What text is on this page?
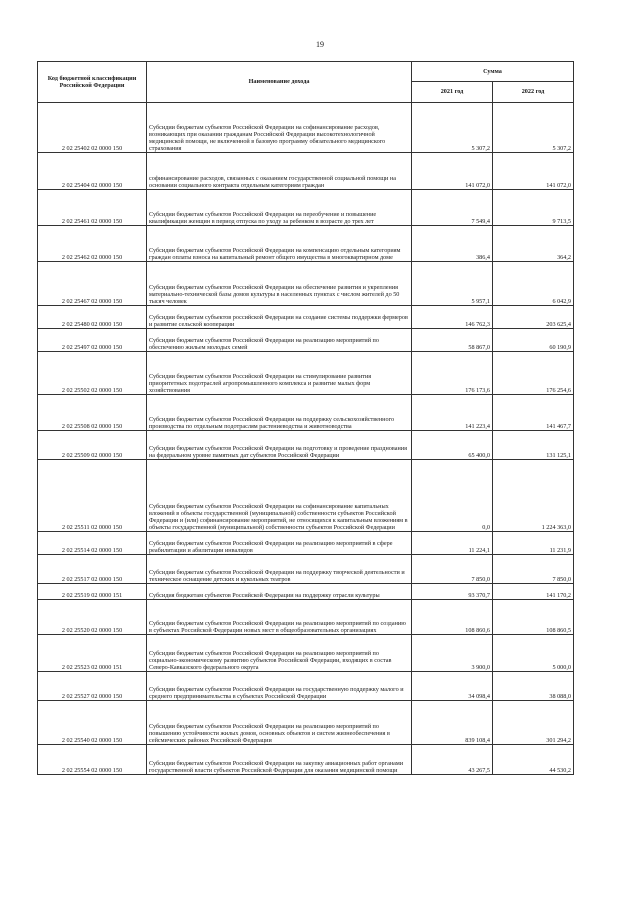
19
Код бюджетной классификации Российской Федерации	Наименование дохода	Сумма	
		2021 год	2022 год
2 02 25402 02 0000 150	Субсидии бюджетам субъектов Российской Федерации на софинансирование расходов, возникающих при оказании гражданам Российской Федерации высокотехнологичной медицинской помощи, не включенной в базовую программу обязательного медицинского страхования	5 307,2	5 307,2
2 02 25404 02 0000 150	софинансирование расходов, связанных с оказанием государственной социальной помощи на основании социального контракта отдельным категориям граждан	141 072,0	141 072,0
2 02 25461 02 0000 150	Субсидии бюджетам субъектов Российской Федерации на переобучение и повышение квалификации женщин в период отпуска по уходу за ребенком в возрасте до трех лет	7 549,4	9 713,5
2 02 25462 02 0000 150	Субсидии бюджетам субъектов Российской Федерации на компенсацию отдельным категориям граждан оплаты взноса на капитальный ремонт общего имущества в многоквартирном доме	386,4	364,2
2 02 25467 02 0000 150	Субсидии бюджетам субъектов Российской Федерации на обеспечение развития и укрепления материально-технической базы домов культуры в населенных пунктах с числом жителей до 50 тысяч человек	5 957,1	6 042,9
2 02 25480 02 0000 150	Субсидии бюджетам субъектов российской Федерации на создание системы поддержки фермеров и развитие сельской кооперации	146 762,3	203 625,4
2 02 25497 02 0000 150	Субсидии бюджетам субъектов Российской Федерации на реализацию мероприятий по обеспечению жильем молодых семей	58 867,0	60 190,9
2 02 25502 02 0000 150	Субсидии бюджетам субъектов Российской Федерации на стимулирование развития приоритетных подотраслей агропромышленного комплекса и развитие малых форм хозяйствования	176 173,6	176 254,6
2 02 25508 02 0000 150	Субсидии бюджетам субъектов Российской Федерации на поддержку сельскохозяйственного производства по отдельным подотраслям растениеводства и животноводства	141 223,4	141 467,7
2 02 25509 02 0000 150	Субсидии бюджетам субъектов Российской Федерации на подготовку и проведение празднования на федеральном уровне памятных дат субъектов Российской Федерации	65 400,0	131 125,1
2 02 25511 02 0000 150	Субсидии бюджетам субъектов Российской Федерации на софинансирование капитальных вложений в объекты государственной (муниципальной) собственности субъектов Российской Федерации и (или) софинансирование мероприятий, не относящихся к капитальным вложениям в объекты государственной (муниципальной) собственности субъектов Российской Федерации	0,0	1 224 363,0
2 02 25514 02 0000 150	Субсидии бюджетам субъектов Российской Федерации на реализацию мероприятий в сфере реабилитации и абилитации инвалидов	11 224,1	11 231,9
2 02 25517 02 0000 150	Субсидии бюджетам субъектов Российской Федерации на поддержку творческой деятельности и техническое оснащение детских и кукольных театров	7 850,0	7 850,0
2 02 25519 02 0000 151	Субсидия бюджетам субъектов Российской Федерации на поддержку отрасли культуры	93 370,7	141 170,2
2 02 25520 02 0000 150	Субсидии бюджетам субъектов Российской Федерации на реализацию мероприятий по созданию в субъектах Российской Федерации новых мест в общеобразовательных организациях	108 860,6	108 860,5
2 02 25523 02 0000 151	Субсидии бюджетам субъектов Российской Федерации на реализацию мероприятий по социально-экономическому развитию субъектов Российской Федерации, входящих в состав Северо-Кавказского федерального округа	3 900,0	5 000,0
2 02 25527 02 0000 150	Субсидии бюджетам субъектов Российской Федерации на государственную поддержку малого и среднего предпринимательства в субъектах Российской Федерации	34 098,4	38 088,0
2 02 25540 02 0000 150	Субсидии бюджетам субъектов Российской Федерации на реализацию мероприятий по повышению устойчивости жилых домов, основных объектов и систем жизнеобеспечения в сейсмических районах Российской Федерации	839 108,4	301 294,2
2 02 25554 02 0000 150	Субсидии бюджетам субъектов Российской Федерации на закупку авиационных работ органами государственной власти субъектов Российской Федерации для оказания медицинской помощи	43 267,5	44 530,2
